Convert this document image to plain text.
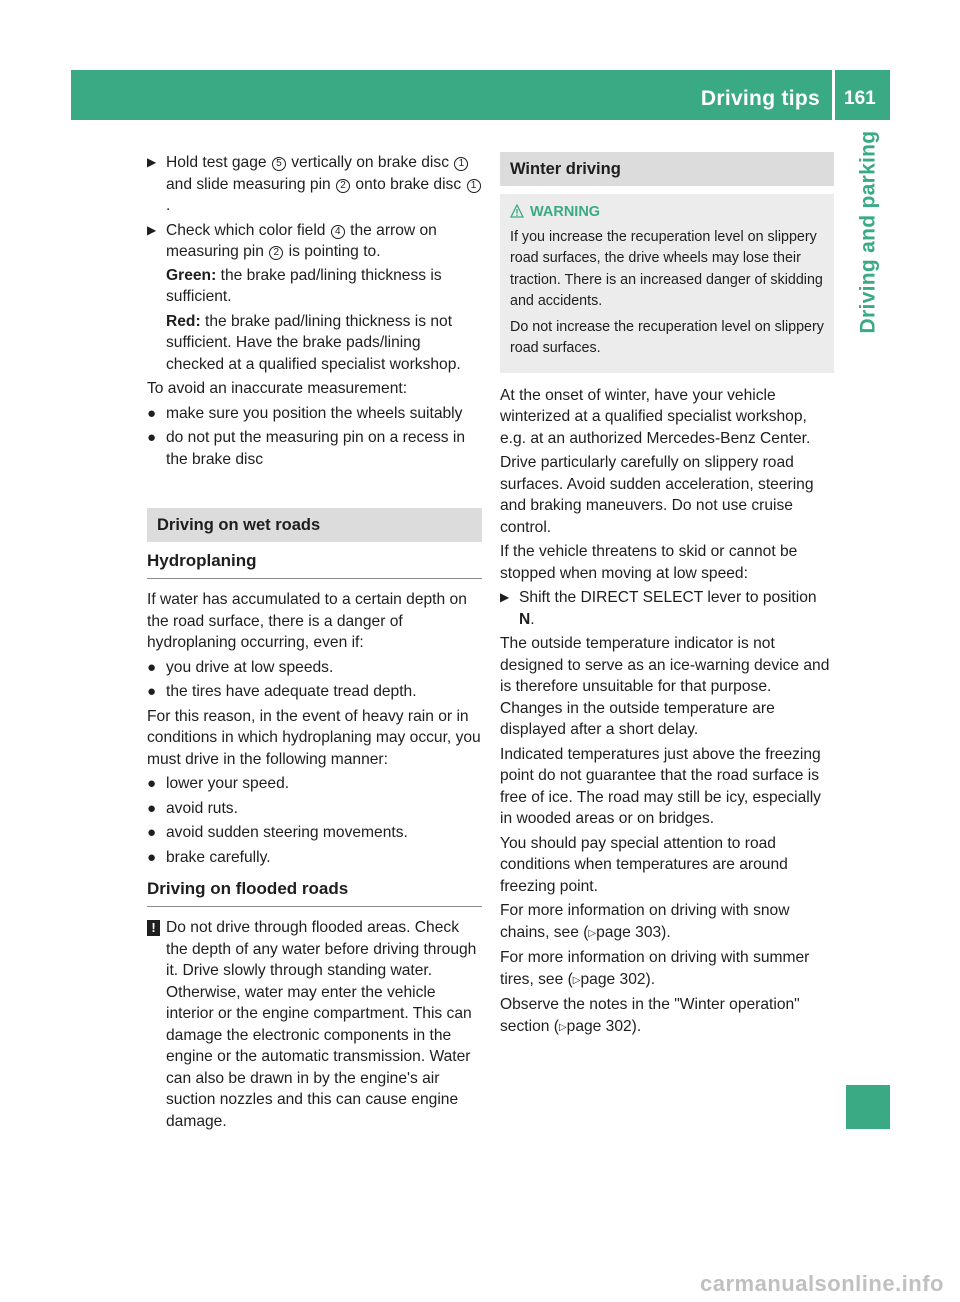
Driving tips 161
Driving and parking
▶ Hold test gage 5 vertically on brake disc 1 and slide measuring pin 2 onto brake disc 1.
▶ Check which color field 4 the arrow on measuring pin 2 is pointing to.
Green: the brake pad/lining thickness is sufficient.
Red: the brake pad/lining thickness is not sufficient. Have the brake pads/lining checked at a qualified specialist workshop.

To avoid an inaccurate measurement:

● make sure you position the wheels suitably
● do not put the measuring pin on a recess in the brake disc
Driving on wet roads
Hydroplaning

If water has accumulated to a certain depth on the road surface, there is a danger of hydroplaning occurring, even if:

● you drive at low speeds.
● the tires have adequate tread depth.

For this reason, in the event of heavy rain or in conditions in which hydroplaning may occur, you must drive in the following manner:

● lower your speed.
● avoid ruts.
● avoid sudden steering movements.
● brake carefully.
Driving on flooded roads
! Do not drive through flooded areas. Check the depth of any water before driving through it. Drive slowly through standing water. Otherwise, water may enter the vehicle interior or the engine compartment. This can damage the electronic components in the engine or the automatic transmission. Water can also be drawn in by the engine's air suction nozzles and this can cause engine damage.
Winter driving
WARNING

If you increase the recuperation level on slippery road surfaces, the drive wheels may lose their traction. There is an increased danger of skidding and accidents.

Do not increase the recuperation level on slippery road surfaces.

At the onset of winter, have your vehicle winterized at a qualified specialist workshop, e.g. at an authorized Mercedes-Benz Center.

Drive particularly carefully on slippery road surfaces. Avoid sudden acceleration, steering and braking maneuvers. Do not use cruise control.

If the vehicle threatens to skid or cannot be stopped when moving at low speed:

▶ Shift the DIRECT SELECT lever to position N.

The outside temperature indicator is not designed to serve as an ice-warning device and is therefore unsuitable for that purpose. Changes in the outside temperature are displayed after a short delay.

Indicated temperatures just above the freezing point do not guarantee that the road surface is free of ice. The road may still be icy, especially in wooded areas or on bridges.

You should pay special attention to road conditions when temperatures are around freezing point.

For more information on driving with snow chains, see (▷page 303).

For more information on driving with summer tires, see (▷page 302).

Observe the notes in the "Winter operation" section (▷page 302).

carmanualsonline.info
